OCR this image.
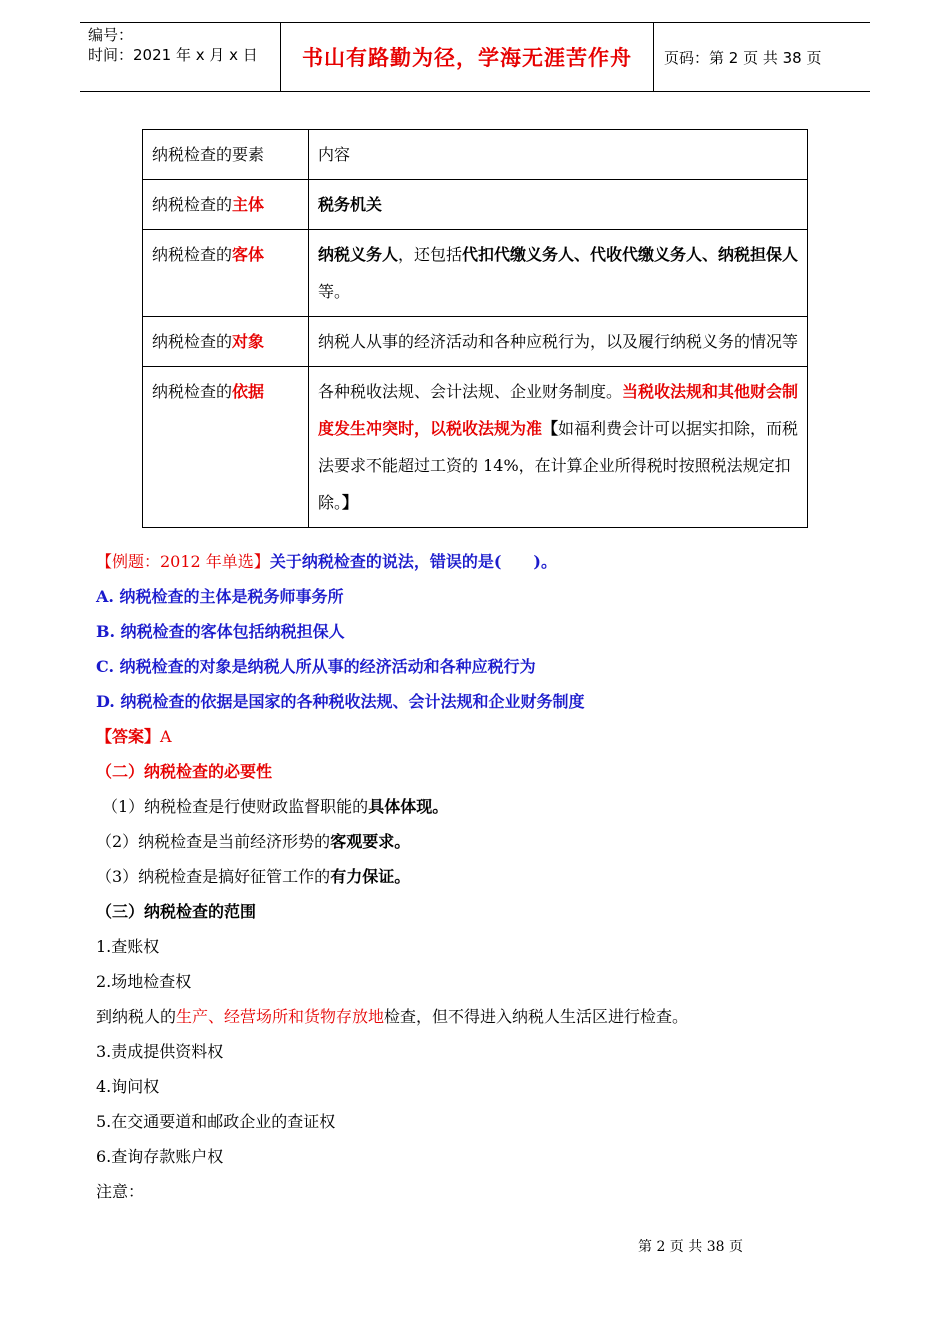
编号：
时间：2021 年 x 月 x 日	书山有路勤为径，学海无涯苦作舟	页码：第 2 页 共 38 页
纳税检查的要素	内容
纳税检查的主体	税务机关
纳税检查的客体	纳税义务人，还包括代扣代缴义务人、代收代缴义务人、纳税担保人等。
纳税检查的对象	纳税人从事的经济活动和各种应税行为，以及履行纳税义务的情况等
纳税检查的依据	各种税收法规、会计法规、企业财务制度。当税收法规和其他财会制度发生冲突时，以税收法规为准【如福利费会计可以据实扣除，而税法要求不能超过工资的 14%，在计算企业所得税时按照税法规定扣除。】
【例题：2012 年单选】关于纳税检查的说法，错误的是(　　)。
A. 纳税检查的主体是税务师事务所
B. 纳税检查的客体包括纳税担保人
C. 纳税检查的对象是纳税人所从事的经济活动和各种应税行为
D. 纳税检查的依据是国家的各种税收法规、会计法规和企业财务制度
【答案】A
（二）纳税检查的必要性
（1）纳税检查是行使财政监督职能的具体体现。
（2）纳税检查是当前经济形势的客观要求。
（3）纳税检查是搞好征管工作的有力保证。
（三）纳税检查的范围
1.查账权
2.场地检查权
到纳税人的生产、经营场所和货物存放地检查，但不得进入纳税人生活区进行检查。
3.责成提供资料权
4.询问权
5.在交通要道和邮政企业的查证权
6.查询存款账户权
注意：
第 2 页 共 38 页
